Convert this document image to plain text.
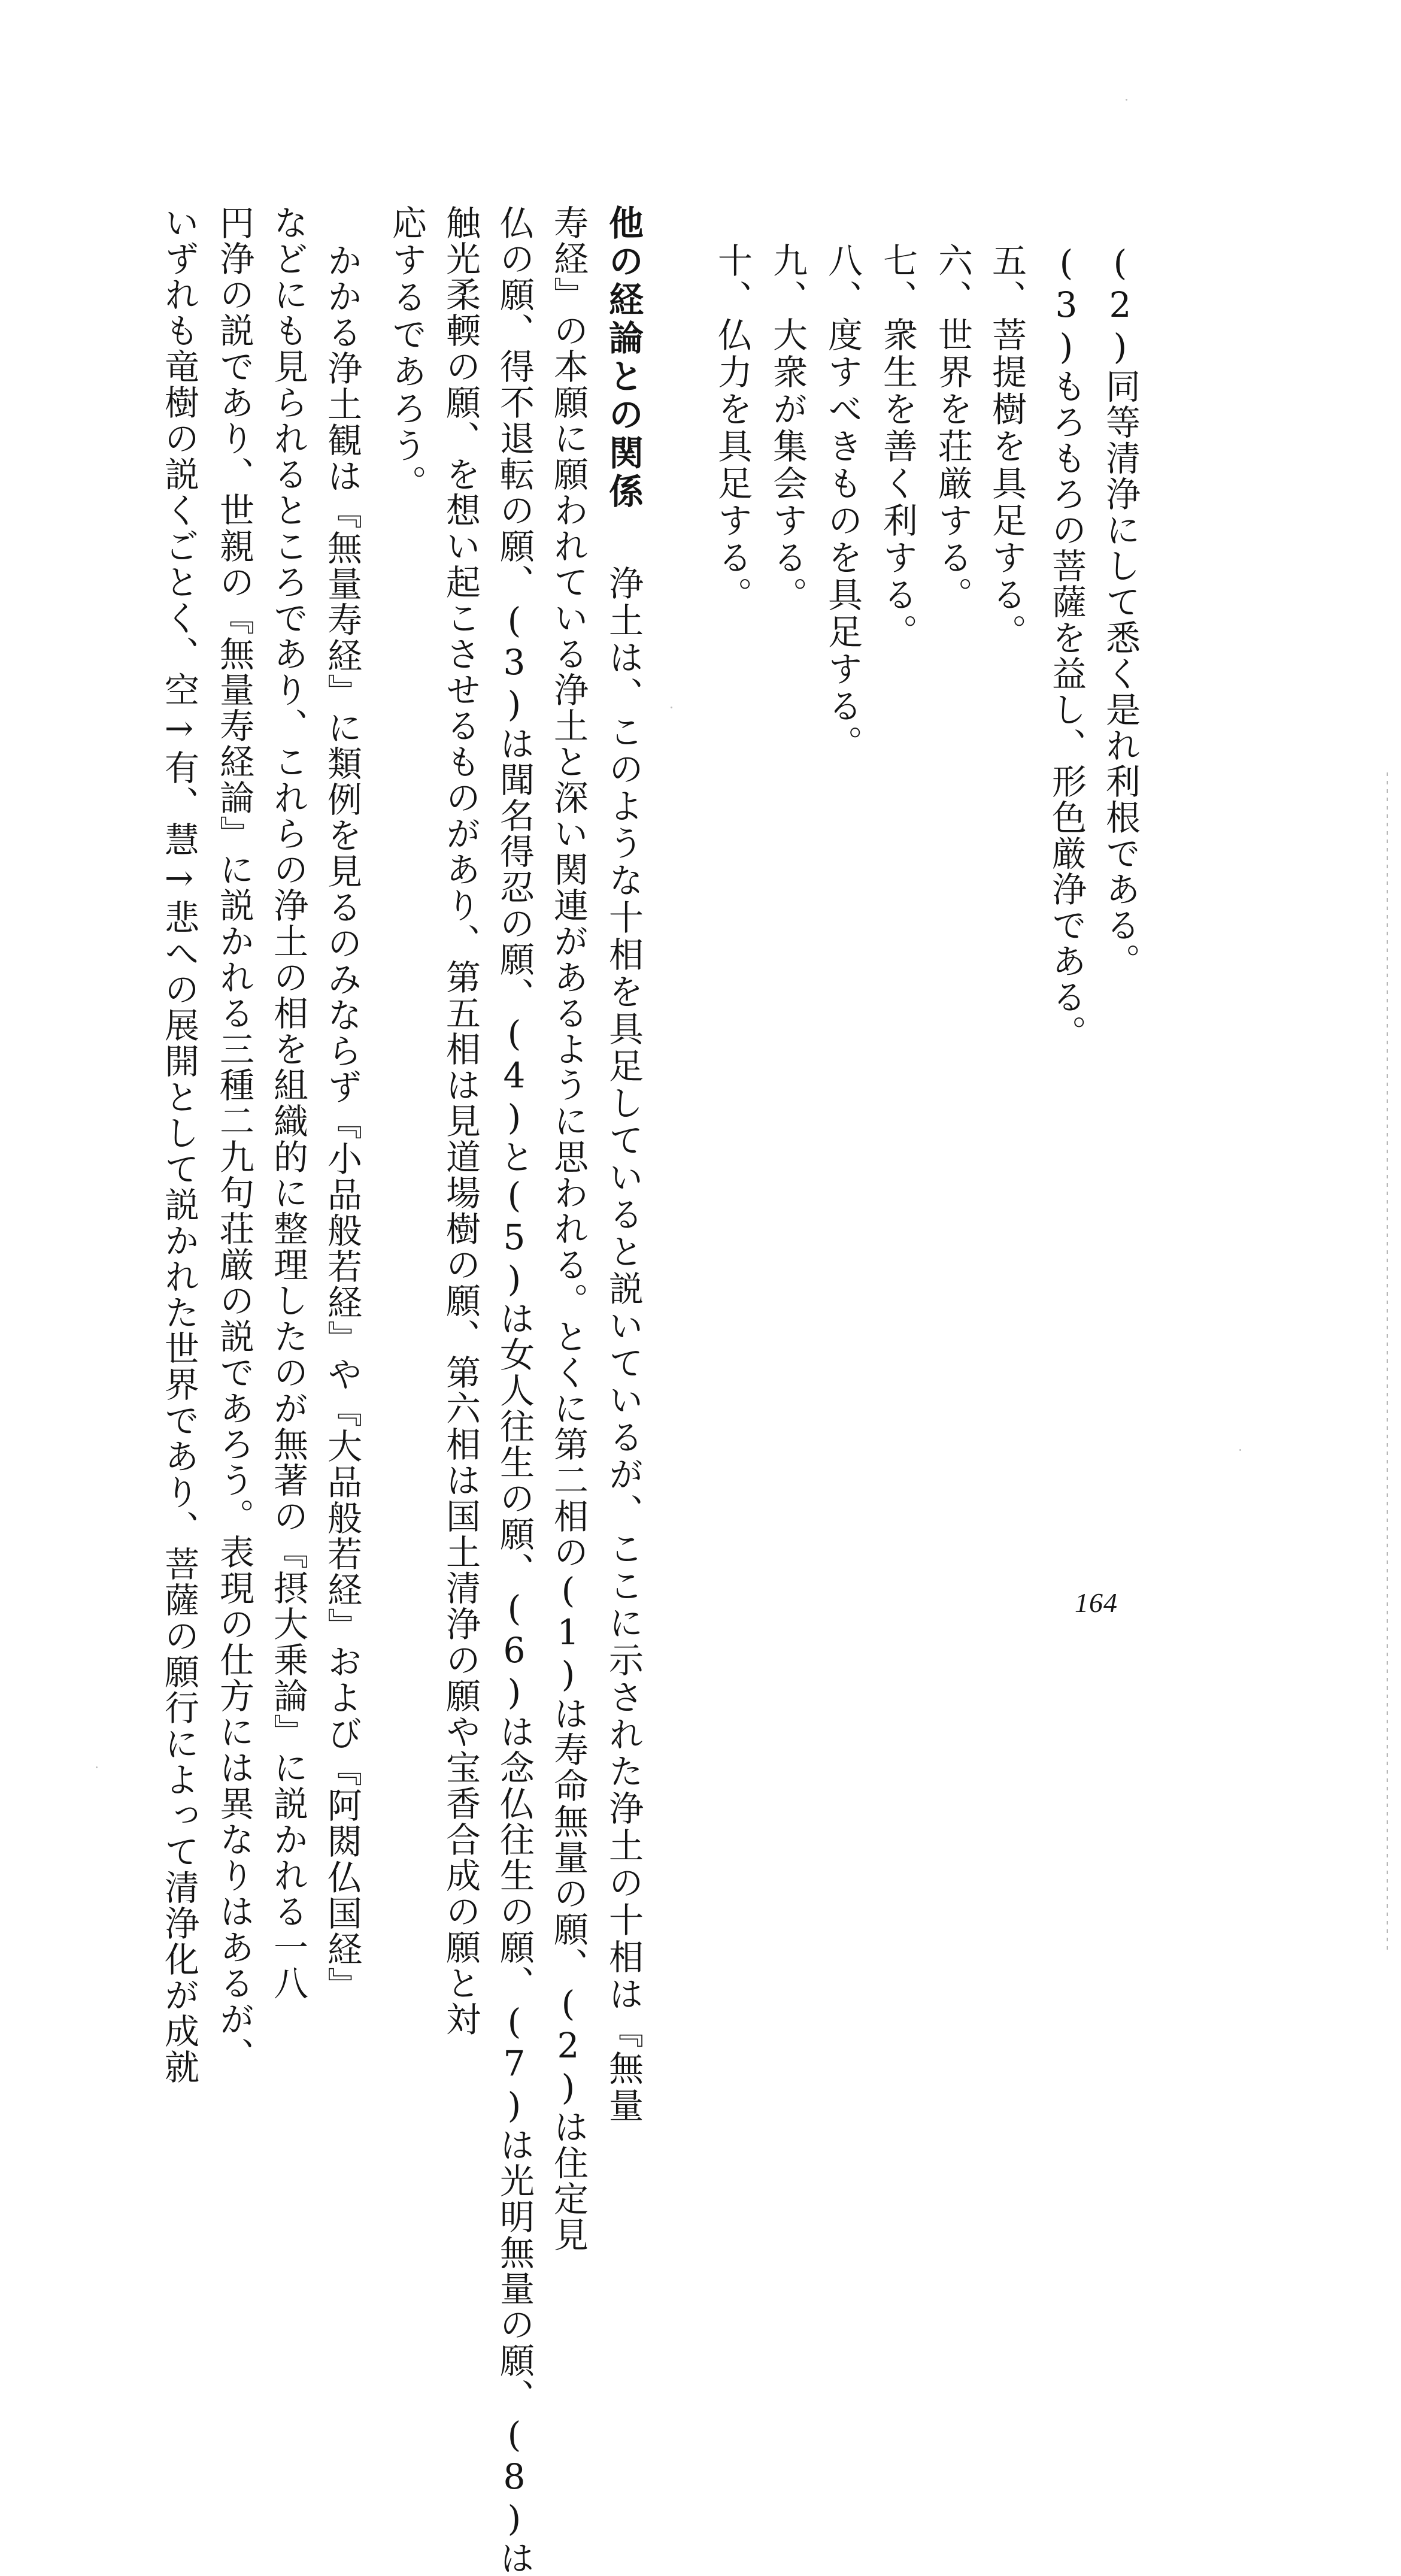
(2)同等清浄にして悉く是れ利根である。
(3)もろもろの菩薩を益し、形色厳浄である。
五、菩提樹を具足する。
六、世界を荘厳する。
七、衆生を善く利する。
八、度すべきものを具足する。
九、大衆が集会する。
十、仏力を具足する。
他の経論との関係浄土は、このような十相を具足していると説いているが、ここに示された浄土の十相は『無量
寿経』の本願に願われている浄土と深い関連があるように思われる。とくに第二相の(1)は寿命無量の願、(2)は住定見
仏の願、得不退転の願、(3)は聞名得忍の願、(4)と(5)は女人往生の願、(6)は念仏往生の願、(7)は光明無量の願、(8)は
触光柔輭の願、を想い起こさせるものがあり、第五相は見道場樹の願、第六相は国土清浄の願や宝香合成の願と対
応するであろう。
かかる浄土観は『無量寿経』に類例を見るのみならず『小品般若経』や『大品般若経』および『阿閦仏国経』
などにも見られるところであり、これらの浄土の相を組織的に整理したのが無著の『摂大乗論』に説かれる一八
円浄の説であり、世親の『無量寿経論』に説かれる三種二九句荘厳の説であろう。表現の仕方には異なりはあるが、
いずれも竜樹の説くごとく、空→有、慧→悲への展開として説かれた世界であり、菩薩の願行によって清浄化が成就	164
